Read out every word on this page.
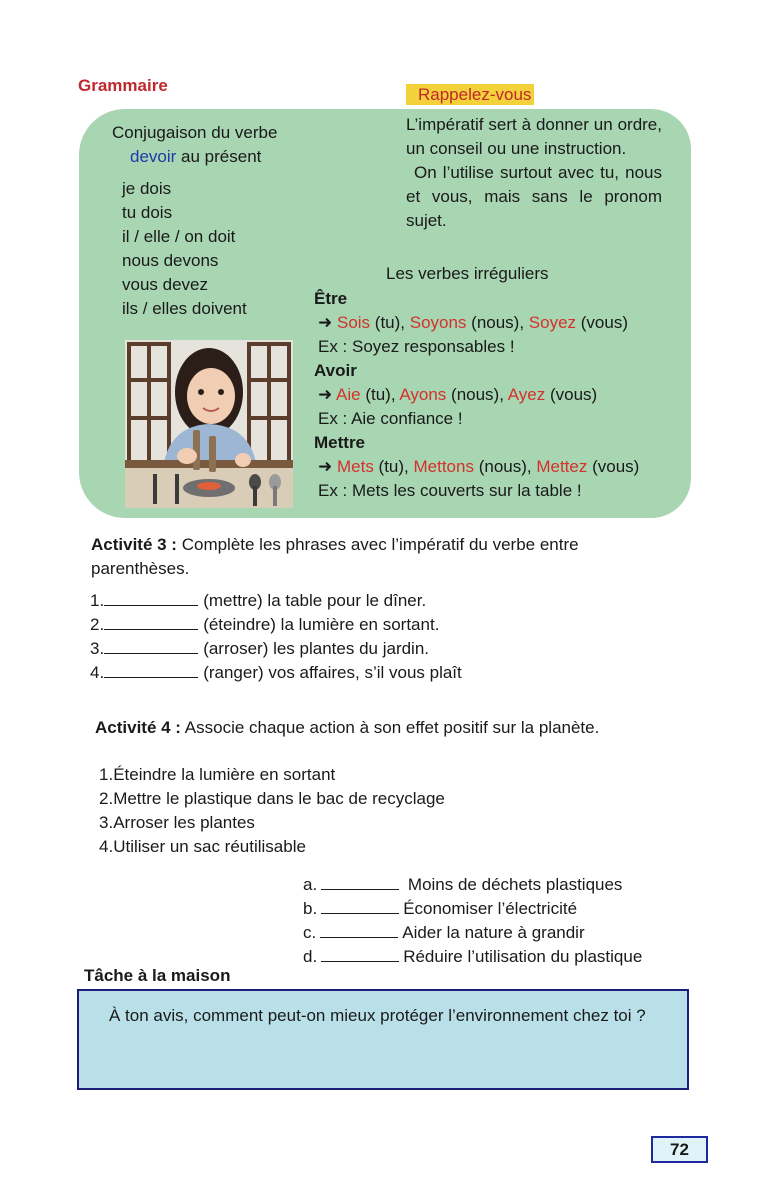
Grammaire	Rappelez-vous
Conjugaison du verbe
devoir au présent
je dois
tu dois
il / elle / on doit
nous devons
vous devez
ils / elles doivent

L’impératif sert à donner un ordre, un conseil ou une instruction.

On l’utilise surtout avec tu, nous et vous, mais sans le pronom sujet.

Les verbes irréguliers
Être
➜ Sois (tu), Soyons (nous), Soyez (vous)
Ex : Soyez responsables !
Avoir
➜ Aie (tu), Ayons (nous), Ayez (vous)
Ex : Aie confiance !
Mettre
➜ Mets (tu), Mettons (nous), Mettez (vous)
Ex : Mets les couverts sur la table !
Activité 3 : Complète les phrases avec l’impératif du verbe entre parenthèses.
1.	(mettre) la table pour le dîner.
2.	(éteindre) la lumière en sortant.
3.	(arroser) les plantes du jardin.
4.	(ranger) vos affaires, s’il vous plaît
Activité 4 : Associe chaque action à son effet positif sur la planète.
1.Éteindre la lumière en sortant
2.Mettre le plastique dans le bac de recyclage
3.Arroser les plantes
4.Utiliser un sac réutilisable
a.	Moins de déchets plastiques
b.	Économiser l’électricité
c.	Aider la nature à grandir
d.	Réduire l’utilisation du plastique
Tâche à la maison
À ton avis, comment peut-on mieux protéger l’environnement chez toi ?
72
